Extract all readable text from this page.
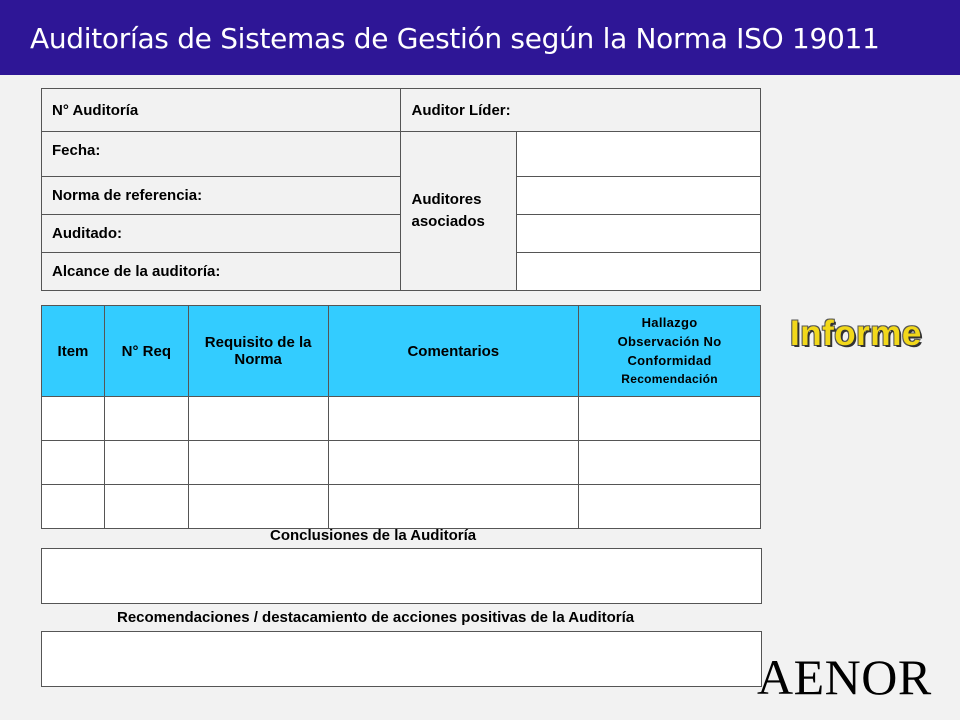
Auditorías de Sistemas de Gestión según la Norma ISO 19011
N° Auditoría	Auditor Líder:	
Fecha:	Auditores asociados	

Norma de referencia:		
Auditado:		
Alcance de la auditoría:		
Item	N° Req	Requisito de la Norma	Comentarios	Hallazgo Observación No Conformidad
Recomendación

Conclusiones de la Auditoría
Recomendaciones / destacamiento de acciones positivas de la Auditoría
Informe
AENOR
